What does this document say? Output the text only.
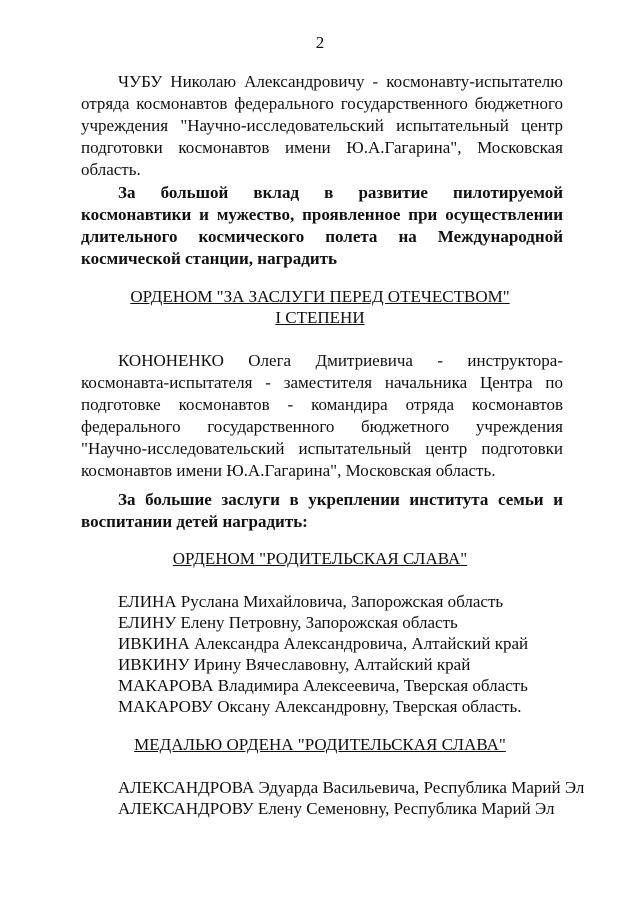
2

ЧУБУ Николаю Александровичу - космонавту-испытателю отряда космонавтов федерального государственного бюджетного учреждения "Научно-исследовательский испытательный центр подготовки космонавтов имени Ю.А.Гагарина", Московская область.

За большой вклад в развитие пилотируемой космонавтики и мужество, проявленное при осуществлении длительного космического полета на Международной космической станции, наградить

ОРДЕНОМ "ЗА ЗАСЛУГИ ПЕРЕД ОТЕЧЕСТВОМ"
I СТЕПЕНИ

КОНОНЕНКО Олега Дмитриевича - инструктора-космонавта-испытателя - заместителя начальника Центра по подготовке космонавтов - командира отряда космонавтов федерального государственного бюджетного учреждения "Научно-исследовательский испытательный центр подготовки космонавтов имени Ю.А.Гагарина", Московская область.

За большие заслуги в укреплении института семьи и воспитании детей наградить:

ОРДЕНОМ "РОДИТЕЛЬСКАЯ СЛАВА"
ЕЛИНА Руслана Михайловича, Запорожская область
ЕЛИНУ Елену Петровну, Запорожская область
ИВКИНА Александра Александровича, Алтайский край
ИВКИНУ Ирину Вячеславовну, Алтайский край
МАКАРОВА Владимира Алексеевича, Тверская область
МАКАРОВУ Оксану Александровну, Тверская область.
МЕДАЛЬЮ ОРДЕНА "РОДИТЕЛЬСКАЯ СЛАВА"
АЛЕКСАНДРОВА Эдуарда Васильевича, Республика Марий Эл
АЛЕКСАНДРОВУ Елену Семеновну, Республика Марий Эл
